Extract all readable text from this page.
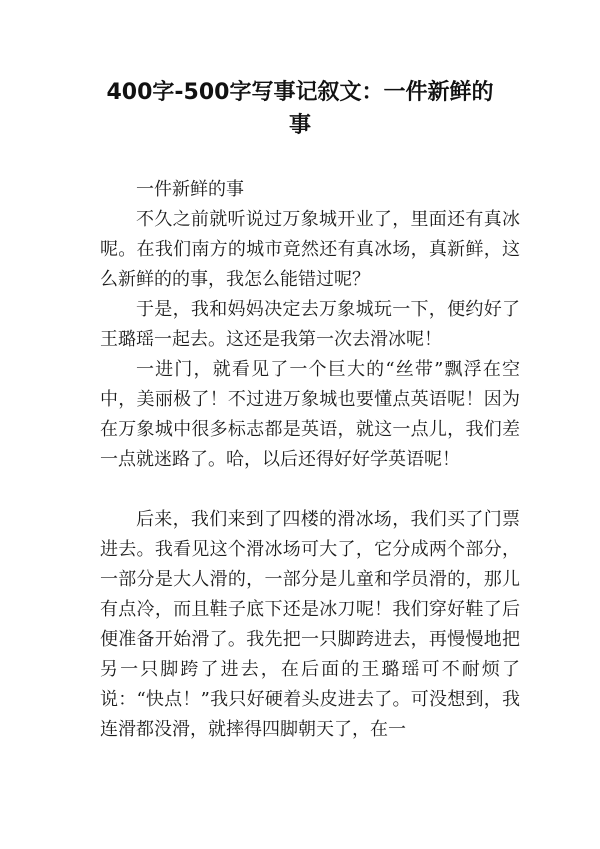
400字-500字写事记叙文：一件新鲜的事

一件新鲜的事

不久之前就听说过万象城开业了，里面还有真冰呢。在我们南方的城市竟然还有真冰场，真新鲜，这么新鲜的的事，我怎么能错过呢？

于是，我和妈妈决定去万象城玩一下，便约好了王璐瑶一起去。这还是我第一次去滑冰呢！

一进门，就看见了一个巨大的“丝带”飘浮在空中，美丽极了！不过进万象城也要懂点英语呢！因为在万象城中很多标志都是英语，就这一点儿，我们差一点就迷路了。哈，以后还得好好学英语呢！

后来，我们来到了四楼的滑冰场，我们买了门票进去。我看见这个滑冰场可大了，它分成两个部分，一部分是大人滑的，一部分是儿童和学员滑的，那儿有点冷，而且鞋子底下还是冰刀呢！我们穿好鞋了后便准备开始滑了。我先把一只脚跨进去，再慢慢地把另一只脚跨了进去，在后面的王璐瑶可不耐烦了说：“快点！”我只好硬着头皮进去了。可没想到，我连滑都没滑，就摔得四脚朝天了，在一
